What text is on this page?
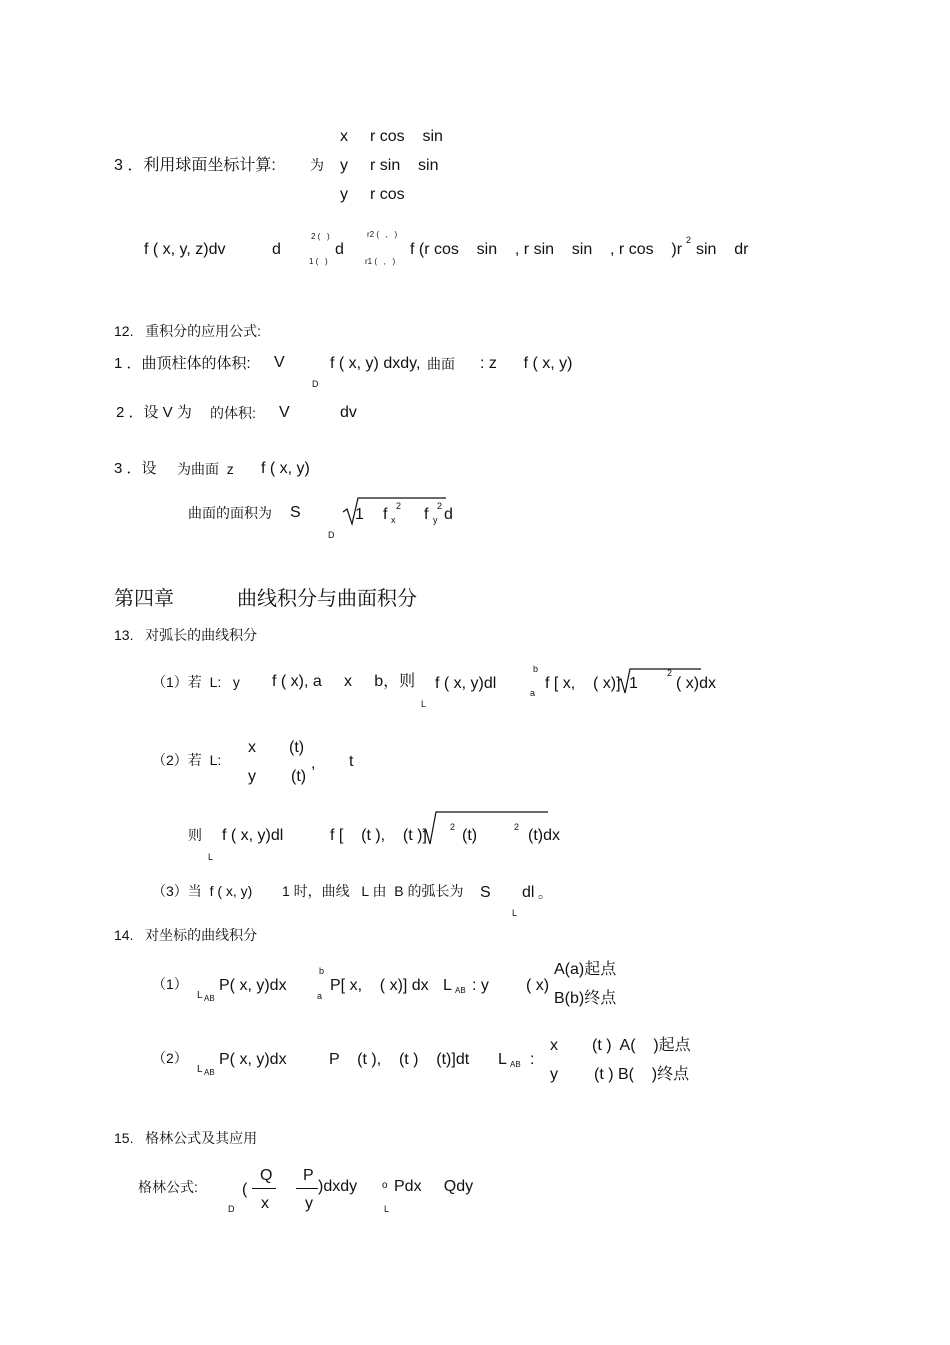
x r cos    sin
3 ．利用球面坐标计算: 为 y r sin    sin
y r cos
f ( x, y, z)dv	d
2 (   )
1 (   )
d
r2 (   ,   )
r1 (   ,   )
f (r cos    sin    , r sin    sin    , r cos    )r
2
sin    dr
12.   重积分的应用公式:
1 ．曲顶柱体的体积: V	f ( x, y) dxdy, 曲面 : z      f ( x, y)
D
2 ．设 V 为 的体积: V	dv
3 ．设 为曲面  z f ( x, y)
曲面的面积为 S
D
1 f 2
x f 2
y d
第四章	曲线积分与曲面积分
13.   对弧长的曲线积分
（1）若  L:   y f ( x), a     x     b，则 f ( x, y)dl
L
b
a
f [ x,    ( x)] 1
2
( x)dx
（2）若  L:
x (t)
y (t)
, t
则 f ( x, y)dl
L
f [    (t ),    (t )]	2 (t)	2 (t)dx
（3）当  f ( x, y) 1 时，曲线   L 由  B 的弧长为 S dl 。
L
14.   对坐标的曲线积分
（1）
L AB
P( x, y)dx
b
a
P[ x,    ( x)] dx L AB : y ( x)
A(a)起点
B(b)终点
（2）
L AB
P( x, y)dx	P    (t ),    (t )    (t)]dt L AB :
x (t )  A(    )起点
y (t ) B(    )终点
15.   格林公式及其应用
格林公式:
D
(
Q
x
P
y
)dxdy o Pdx     Qdy
L
